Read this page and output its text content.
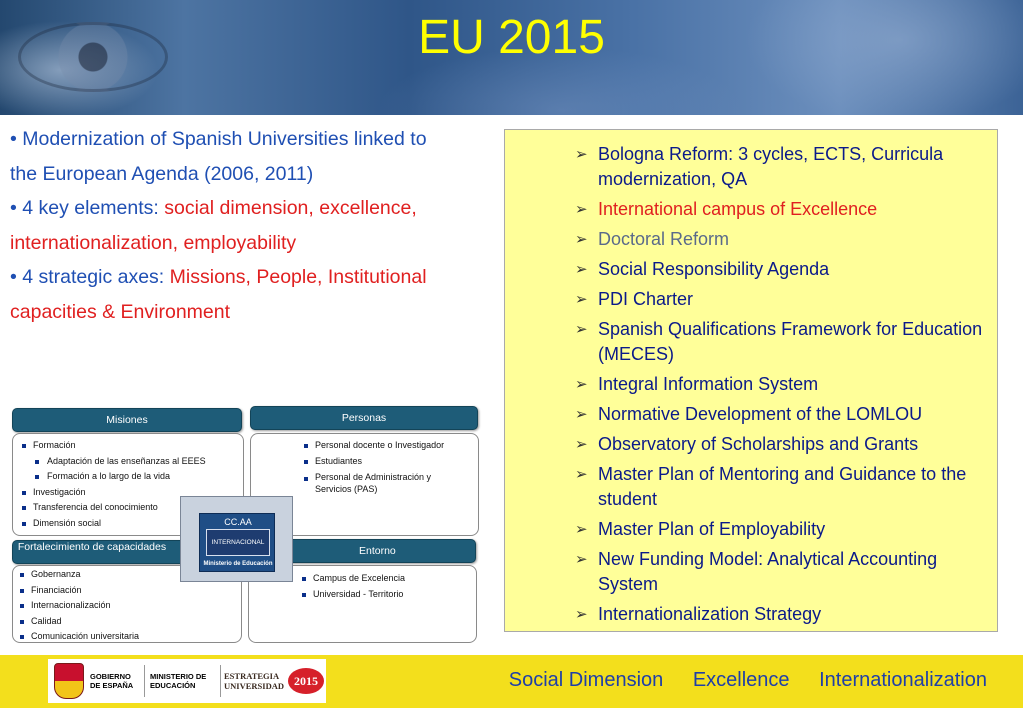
EU 2015
• Modernization of Spanish Universities linked to the European Agenda (2006, 2011)
• 4 key elements: social dimension, excellence, internationalization, employability
• 4 strategic axes: Missions, People, Institutional capacities & Environment
➢ Bologna Reform: 3 cycles, ECTS, Curricula modernization, QA
➢ International campus of Excellence
➢ Doctoral Reform
➢ Social Responsibility Agenda
➢ PDI Charter
➢ Spanish Qualifications Framework for Education (MECES)
➢ Integral Information System
➢ Normative Development of the LOMLOU
➢ Observatory of Scholarships and Grants
➢ Master Plan of Mentoring and Guidance to the student
➢ Master Plan of Employability
➢ New Funding Model: Analytical Accounting System
➢ Internationalization Strategy
Misiones
Formación
Adaptación de las enseñanzas al EEES
Formación a lo largo de la vida
Investigación
Transferencia del conocimiento
Dimensión social
Personas
Personal docente o Investigador
Estudiantes
Personal de Administración y Servicios (PAS)
Fortalecimiento de capacidades
Gobernanza
Financiación
Internacionalización
Calidad
Comunicación universitaria
Entorno
Campus de Excelencia
Universidad - Territorio
CC.AA
INTERNACIONAL
Ministerio de Educación
GOBIERNO DE ESPAÑA
MINISTERIO DE EDUCACIÓN
ESTRATEGIA UNIVERSIDAD 2015	Social Dimension Excellence Internationalization
